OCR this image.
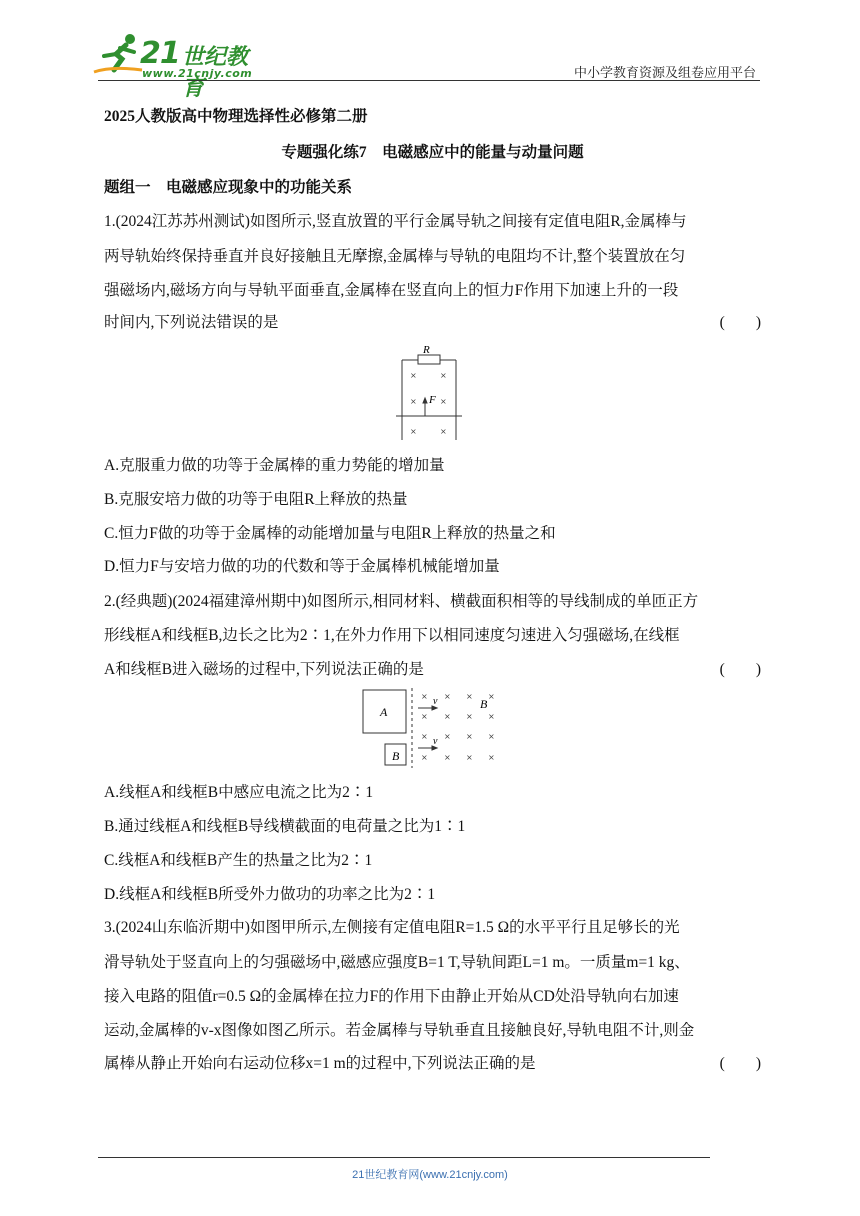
21 世纪教育
www.21cnjy.com	中小学教育资源及组卷应用平台
2025人教版高中物理选择性必修第二册
专题强化练7　电磁感应中的能量与动量问题
题组一　电磁感应现象中的功能关系
1.(2024江苏苏州测试)如图所示,竖直放置的平行金属导轨之间接有定值电阻R,金属棒与
两导轨始终保持垂直并良好接触且无摩擦,金属棒与导轨的电阻均不计,整个装置放在匀
强磁场内,磁场方向与导轨平面垂直,金属棒在竖直向上的恒力F作用下加速上升的一段
时间内,下列说法错误的是	(　　)
R
F
×	×
×	×
×	×
A.克服重力做的功等于金属棒的重力势能的增加量
B.克服安培力做的功等于电阻R上释放的热量
C.恒力F做的功等于金属棒的动能增加量与电阻R上释放的热量之和
D.恒力F与安培力做的功的代数和等于金属棒机械能增加量
2.(经典题)(2024福建漳州期中)如图所示,相同材料、横截面积相等的导线制成的单匝正方
形线框A和线框B,边长之比为2∶1,在外力作用下以相同速度匀速进入匀强磁场,在线框
A和线框B进入磁场的过程中,下列说法正确的是	(　　)
A
B
B
v
v
× × × ×
× × × ×
× × × ×
× × × ×
A.线框A和线框B中感应电流之比为2∶1
B.通过线框A和线框B导线横截面的电荷量之比为1∶1
C.线框A和线框B产生的热量之比为2∶1
D.线框A和线框B所受外力做功的功率之比为2∶1
3.(2024山东临沂期中)如图甲所示,左侧接有定值电阻R=1.5 Ω的水平平行且足够长的光
滑导轨处于竖直向上的匀强磁场中,磁感应强度B=1 T,导轨间距L=1 m。一质量m=1 kg、
接入电路的阻值r=0.5 Ω的金属棒在拉力F的作用下由静止开始从CD处沿导轨向右加速
运动,金属棒的v-x图像如图乙所示。若金属棒与导轨垂直且接触良好,导轨电阻不计,则金
属棒从静止开始向右运动位移x=1 m的过程中,下列说法正确的是	(　　)
21世纪教育网(www.21cnjy.com)
